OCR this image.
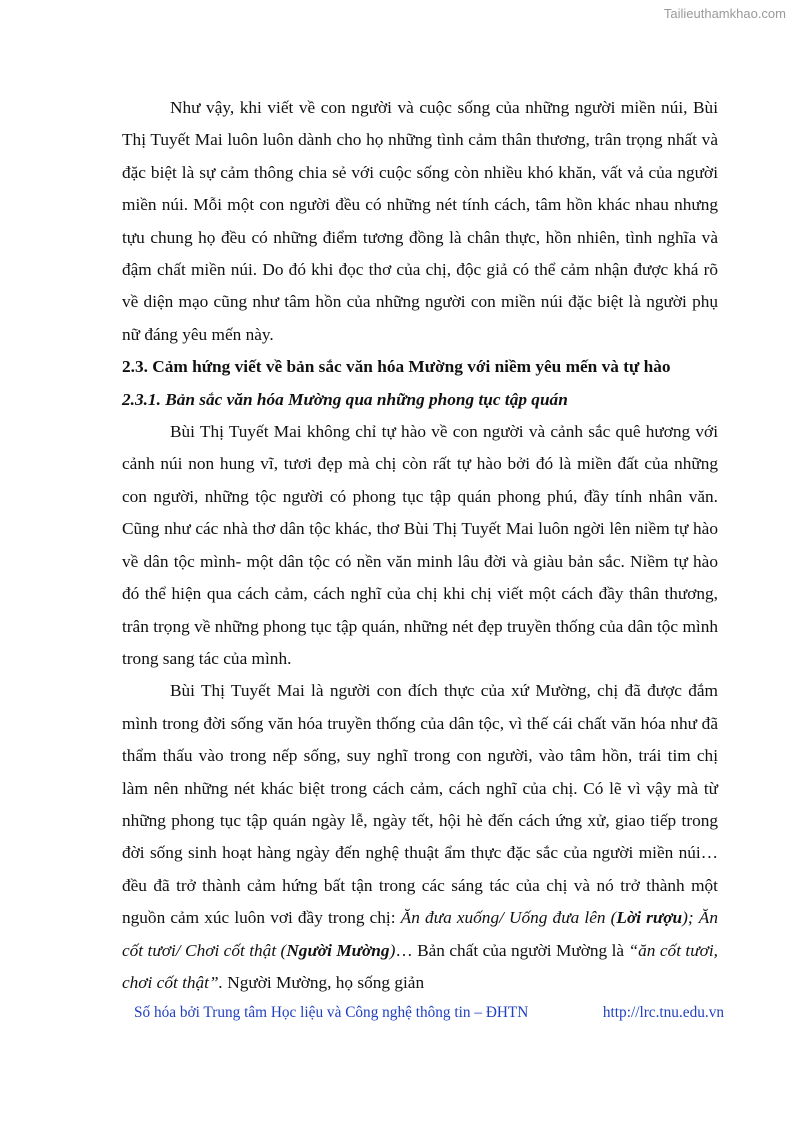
Tailieuthamkhao.com

Như vậy, khi viết về con người và cuộc sống của những người miền núi, Bùi Thị Tuyết Mai luôn luôn dành cho họ những tình cảm thân thương, trân trọng nhất và đặc biệt là sự cảm thông chia sẻ với cuộc sống còn nhiều khó khăn, vất vả của người miền núi. Mỗi một con người đều có những nét tính cách, tâm hồn khác nhau nhưng tựu chung họ đều có những điểm tương đồng là chân thực, hồn nhiên, tình nghĩa và đậm chất miền núi. Do đó khi đọc thơ của chị, độc giả có thể cảm nhận được khá rõ về diện mạo cũng như tâm hồn của những người con miền núi đặc biệt là người phụ nữ đáng yêu mến này.

2.3. Cảm hứng viết về bản sắc văn hóa Mường với niềm yêu mến và tự hào

2.3.1. Bản sắc văn hóa Mường qua những phong tục tập quán

Bùi Thị Tuyết Mai không chỉ tự hào về con người và cảnh sắc quê hương với cảnh núi non hung vĩ, tươi đẹp mà chị còn rất tự hào bởi đó là miền đất của những con người, những tộc người có phong tục tập quán phong phú, đầy tính nhân văn. Cũng như các nhà thơ dân tộc khác, thơ Bùi Thị Tuyết Mai luôn ngời lên niềm tự hào về dân tộc mình- một dân tộc có nền văn minh lâu đời và giàu bản sắc. Niềm tự hào đó thể hiện qua cách cảm, cách nghĩ của chị khi chị viết một cách đầy thân thương, trân trọng về những phong tục tập quán, những nét đẹp truyền thống của dân tộc mình trong sang tác của mình.

Bùi Thị Tuyết Mai là người con đích thực của xứ Mường, chị đã được đắm mình trong đời sống văn hóa truyền thống của dân tộc, vì thế cái chất văn hóa như đã thẩm thấu vào trong nếp sống, suy nghĩ trong con người, vào tâm hồn, trái tim chị làm nên những nét khác biệt trong cách cảm, cách nghĩ của chị. Có lẽ vì vậy mà từ những phong tục tập quán ngày lễ, ngày tết, hội hè đến cách ứng xử, giao tiếp trong đời sống sinh hoạt hàng ngày đến nghệ thuật ẩm thực đặc sắc của người miền núi… đều đã trở thành cảm hứng bất tận trong các sáng tác của chị và nó trở thành một nguồn cảm xúc luôn vơi đầy trong chị: Ăn đưa xuống/ Uống đưa lên (Lời rượu); Ăn cốt tươi/ Chơi cốt thật (Người Mường)… Bản chất của người Mường là “ăn cốt tươi, chơi cốt thật”. Người Mường, họ sống giản

Số hóa bởi Trung tâm Học liệu và Công nghệ thông tin – ĐHTN	http://lrc.tnu.edu.vn
